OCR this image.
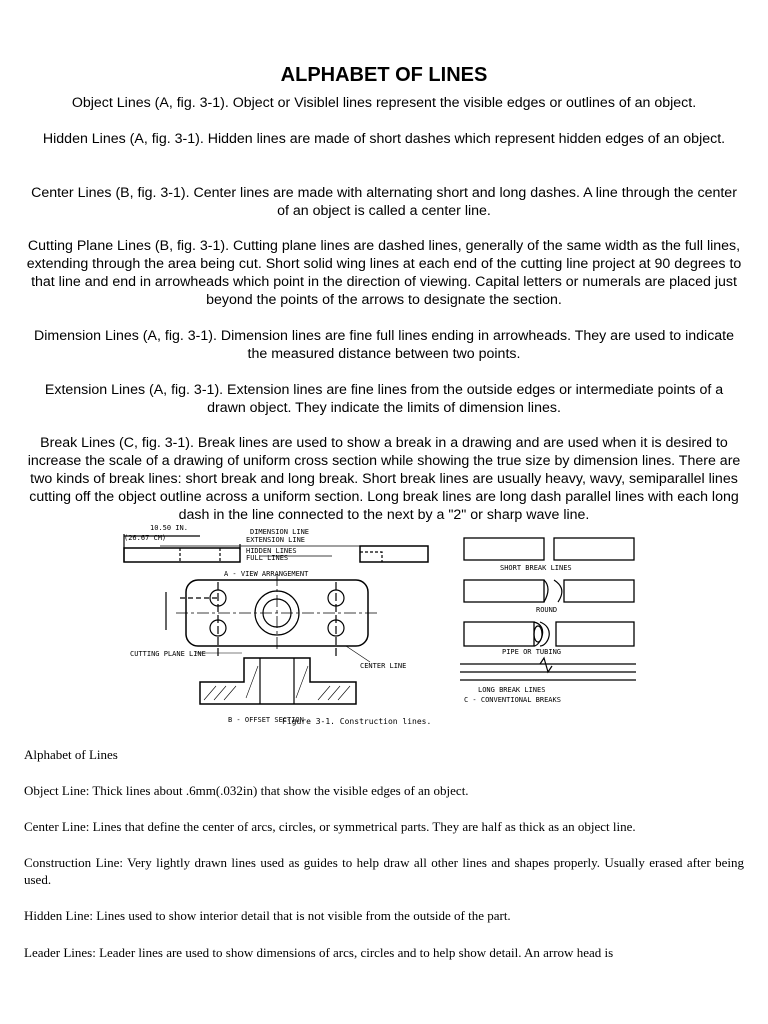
ALPHABET OF LINES
Object Lines (A, fig. 3-1). Object or Visiblel lines represent the visible edges or outlines of an object.
Hidden Lines (A, fig. 3-1). Hidden lines are made of short dashes which represent hidden edges of an object.
Center Lines (B, fig. 3-1). Center lines are made with alternating short and long dashes. A line through the center of an object is called a center line.
Cutting Plane Lines (B, fig. 3-1). Cutting plane lines are dashed lines, generally of the same width as the full lines, extending through the area being cut. Short solid wing lines at each end of the cutting line project at 90 degrees to that line and end in arrowheads which point in the direction of viewing. Capital letters or numerals are placed just beyond the points of the arrows to designate the section.
Dimension Lines (A, fig. 3-1). Dimension lines are fine full lines ending in arrowheads. They are used to indicate the measured distance between two points.
Extension Lines (A, fig. 3-1). Extension lines are fine lines from the outside edges or intermediate points of a drawn object. They indicate the limits of dimension lines.
Break Lines (C, fig. 3-1). Break lines are used to show a break in a drawing and are used when it is desired to increase the scale of a drawing of uniform cross section while showing the true size by dimension lines. There are two kinds of break lines: short break and long break. Short break lines are usually heavy, wavy, semiparallel lines cutting off the object outline across a uniform section. Long break lines are long dash parallel lines with each long dash in the line connected to the next by a "2" or sharp wave line.
10.50 IN.
(26.67 CM)
DIMENSION LINE
EXTENSION LINE
HIDDEN LINES
FULL LINES
A - VIEW ARRANGEMENT
CUTTING PLANE LINE
CENTER LINE
B - OFFSET SECTION
SHORT BREAK LINES
ROUND
PIPE OR TUBING
LONG BREAK LINES
C - CONVENTIONAL BREAKS
Figure 3-1. Construction lines.
Alphabet of Lines
Object Line: Thick lines about .6mm(.032in) that show the visible edges of an object.
Center Line: Lines that define the center of arcs, circles, or symmetrical parts. They are half as thick as an object line.
Construction Line: Very lightly drawn lines used as guides to help draw all other lines and shapes properly. Usually erased after being used.
Hidden Line: Lines used to show interior detail that is not visible from the outside of the part.
Leader Lines: Leader lines are used to show dimensions of arcs, circles and to help show detail. An arrow head is
